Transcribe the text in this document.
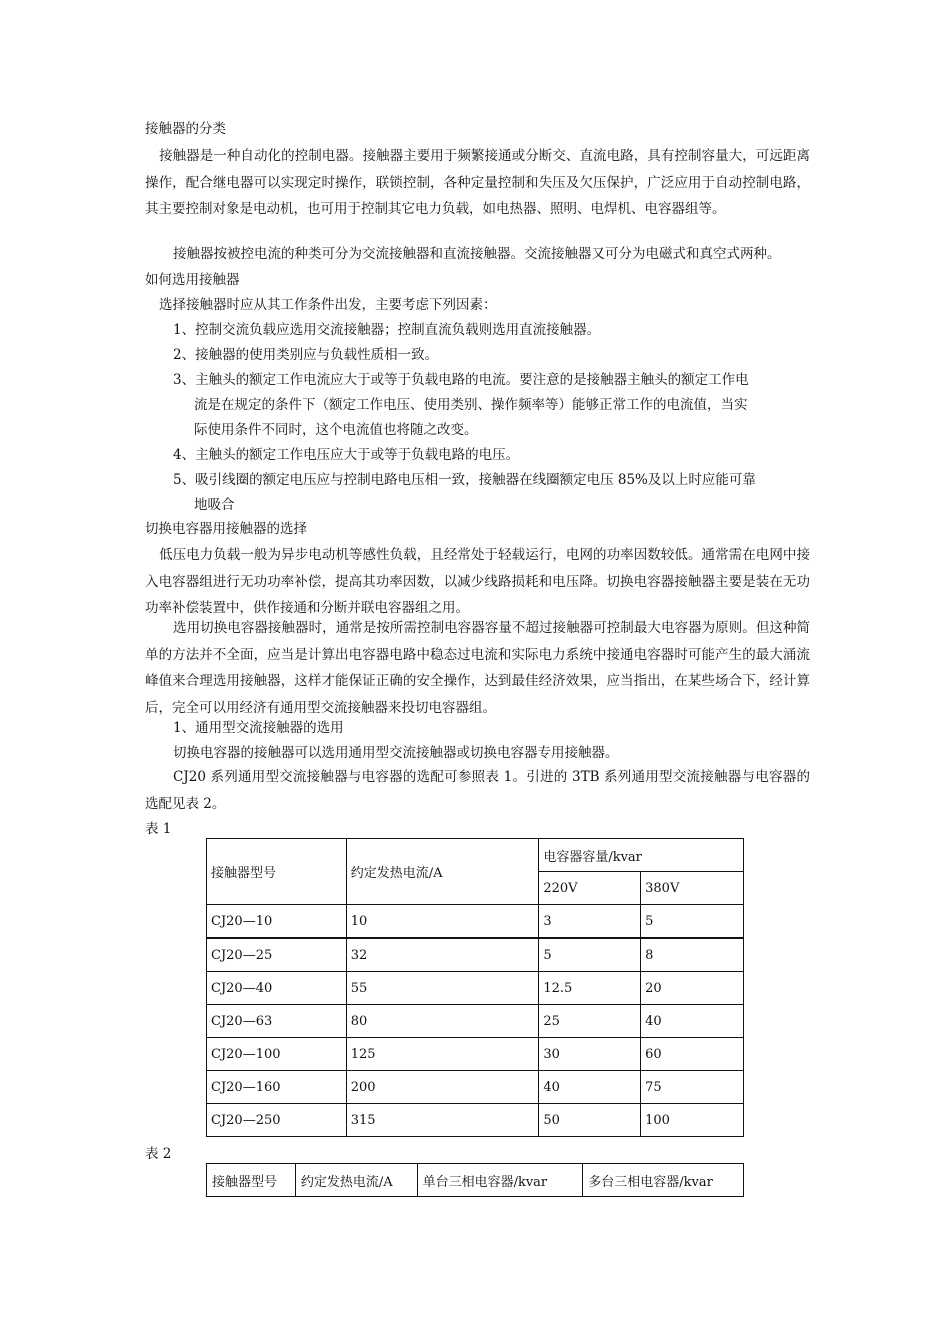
接触器的分类
接触器是一种自动化的控制电器。接触器主要用于频繁接通或分断交、直流电路，具有控制容量大，可远距离操作，配合继电器可以实现定时操作，联锁控制，各种定量控制和失压及欠压保护，广泛应用于自动控制电路，其主要控制对象是电动机，也可用于控制其它电力负载，如电热器、照明、电焊机、电容器组等。
接触器按被控电流的种类可分为交流接触器和直流接触器。交流接触器又可分为电磁式和真空式两种。
如何选用接触器
选择接触器时应从其工作条件出发，主要考虑下列因素：
1、控制交流负载应选用交流接触器；控制直流负载则选用直流接触器。
2、接触器的使用类别应与负载性质相一致。
3、主触头的额定工作电流应大于或等于负载电路的电流。要注意的是接触器主触头的额定工作电
流是在规定的条件下（额定工作电压、使用类别、操作频率等）能够正常工作的电流值，当实
际使用条件不同时，这个电流值也将随之改变。
4、主触头的额定工作电压应大于或等于负载电路的电压。
5、吸引线圈的额定电压应与控制电路电压相一致，接触器在线圈额定电压 85%及以上时应能可靠
地吸合
切换电容器用接触器的选择
低压电力负载一般为异步电动机等感性负载，且经常处于轻载运行，电网的功率因数较低。通常需在电网中接入电容器组进行无功功率补偿，提高其功率因数，以减少线路损耗和电压降。切换电容器接触器主要是装在无功功率补偿装置中，供作接通和分断并联电容器组之用。
选用切换电容器接触器时，通常是按所需控制电容器容量不超过接触器可控制最大电容器为原则。但这种简单的方法并不全面，应当是计算出电容器电路中稳态过电流和实际电力系统中接通电容器时可能产生的最大涌流峰值来合理选用接触器，这样才能保证正确的安全操作，达到最佳经济效果，应当指出，在某些场合下，经计算后，完全可以用经济有通用型交流接触器来投切电容器组。
1、通用型交流接触器的选用
切换电容器的接触器可以选用通用型交流接触器或切换电容器专用接触器。
CJ20 系列通用型交流接触器与电容器的选配可参照表 1。引进的 3TB 系列通用型交流接触器与电容器的选配见表 2。
表 1
接触器型号	约定发热电流/A	电容器容量/kvar	
		220V	380V
CJ20—10	10	3	5
CJ20—25	32	5	8
CJ20—40	55	12.5	20
CJ20—63	80	25	40
CJ20—100	125	30	60
CJ20—160	200	40	75
CJ20—250	315	50	100
表 2
接触器型号	约定发热电流/A	单台三相电容器/kvar	多台三相电容器/kvar
